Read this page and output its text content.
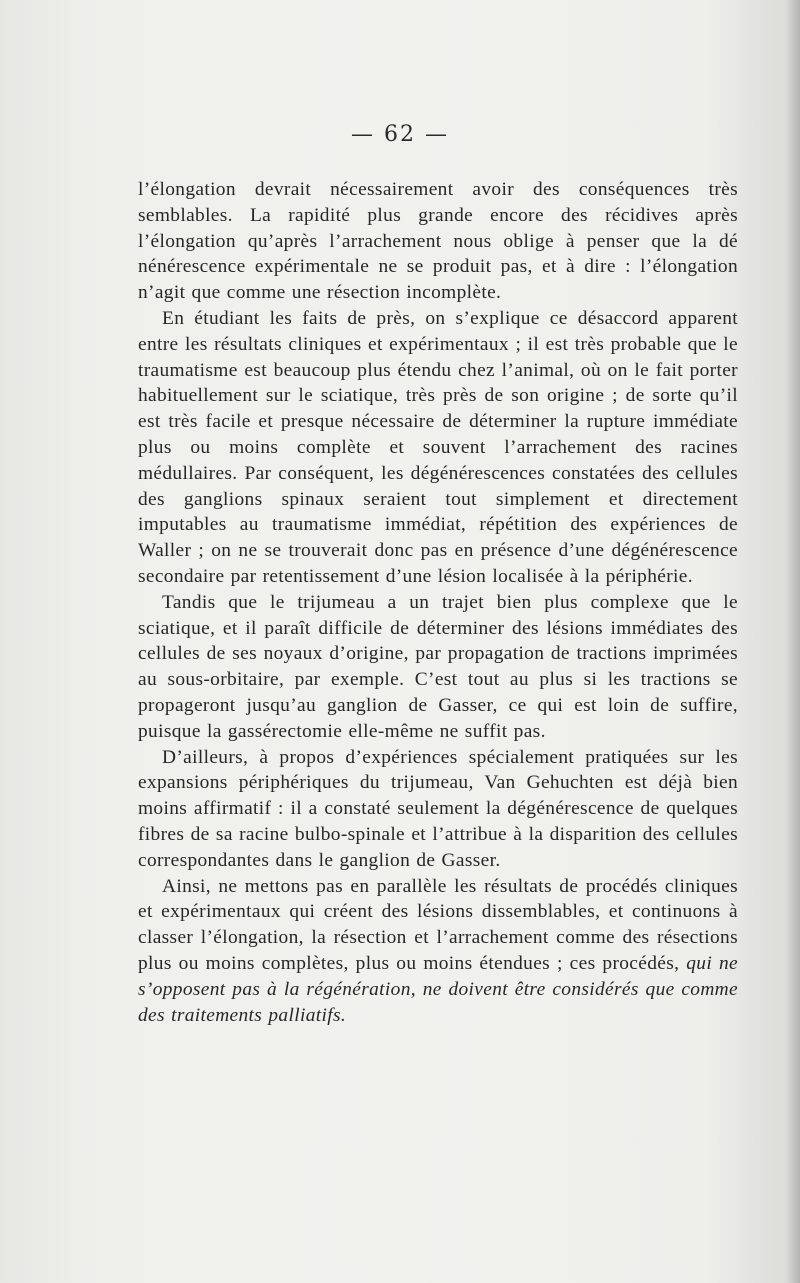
— 62 —

l’élongation devrait nécessairement avoir des conséquences très semblables. La rapidité plus grande encore des récidives après l’élongation qu’après l’arrachement nous oblige à penser que la dé nénérescence expérimentale ne se produit pas, et à dire : l’élongation n’agit que comme une résection incomplète.

En étudiant les faits de près, on s’explique ce désaccord apparent entre les résultats cliniques et expérimentaux ; il est très probable que le traumatisme est beaucoup plus étendu chez l’animal, où on le fait porter habituellement sur le sciatique, très près de son origine ; de sorte qu’il est très facile et presque nécessaire de déterminer la rupture immédiate plus ou moins complète et souvent l’arrachement des racines médullaires. Par conséquent, les dégénérescences constatées des cellules des ganglions spinaux seraient tout simplement et directement imputables au traumatisme immédiat, répétition des expériences de Waller ; on ne se trouverait donc pas en présence d’une dégénérescence secondaire par retentissement d’une lésion localisée à la périphérie.

Tandis que le trijumeau a un trajet bien plus complexe que le sciatique, et il paraît difficile de déterminer des lésions immédiates des cellules de ses noyaux d’origine, par propagation de tractions imprimées au sous-orbitaire, par exemple. C’est tout au plus si les tractions se propageront jusqu’au ganglion de Gasser, ce qui est loin de suffire, puisque la gassérectomie elle-même ne suffit pas.

D’ailleurs, à propos d’expériences spécialement pratiquées sur les expansions périphériques du trijumeau, Van Gehuchten est déjà bien moins affirmatif : il a constaté seulement la dégénérescence de quelques fibres de sa racine bulbo-spinale et l’attribue à la disparition des cellules correspondantes dans le ganglion de Gasser.

Ainsi, ne mettons pas en parallèle les résultats de procédés cliniques et expérimentaux qui créent des lésions dissemblables, et continuons à classer l’élongation, la résection et l’arrachement comme des résections plus ou moins complètes, plus ou moins étendues ; ces procédés, qui ne s’opposent pas à la régénération, ne doivent être considérés que comme des traitements palliatifs.
